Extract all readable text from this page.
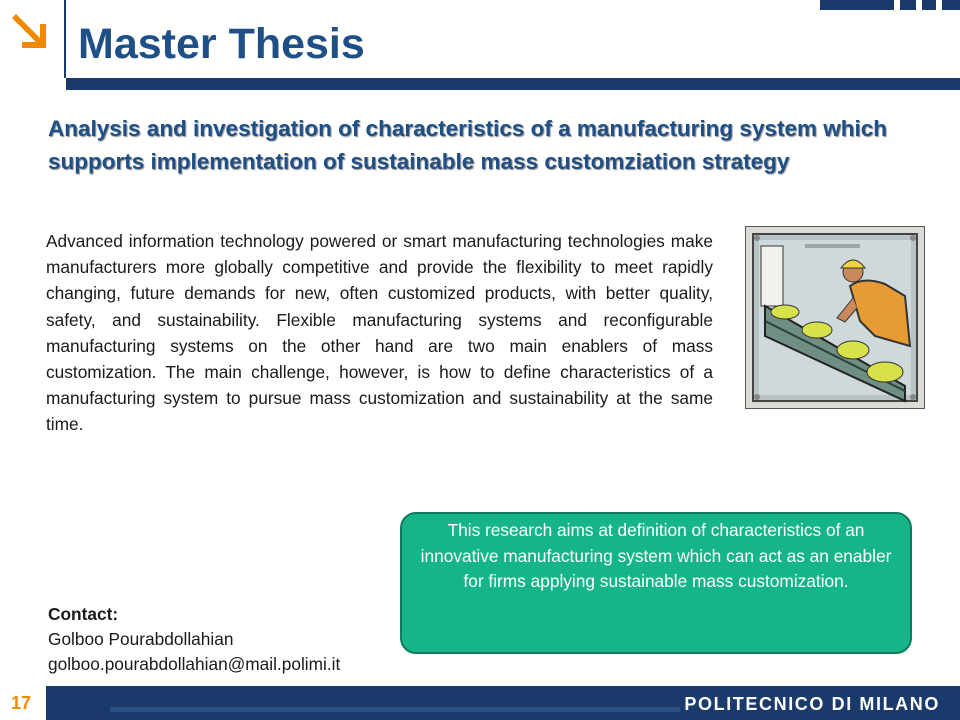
Master Thesis
Analysis and investigation of characteristics of a manufacturing system which supports implementation of sustainable mass customziation strategy
Advanced information technology powered or smart manufacturing technologies make manufacturers more globally competitive and provide the flexibility to meet rapidly changing, future demands for new, often customized products, with better quality, safety, and sustainability. Flexible manufacturing systems and reconfigurable manufacturing systems on the other hand are two main enablers of mass customization. The main challenge, however, is how to define characteristics of a manufacturing system to pursue mass customization and sustainability at the same time.
This research aims at definition of characteristics of an innovative manufacturing system which can act as an enabler for firms applying sustainable mass customization.
Contact:
Golboo Pourabdollahian
golboo.pourabdollahian@mail.polimi.it
17	POLITECNICO DI MILANO
